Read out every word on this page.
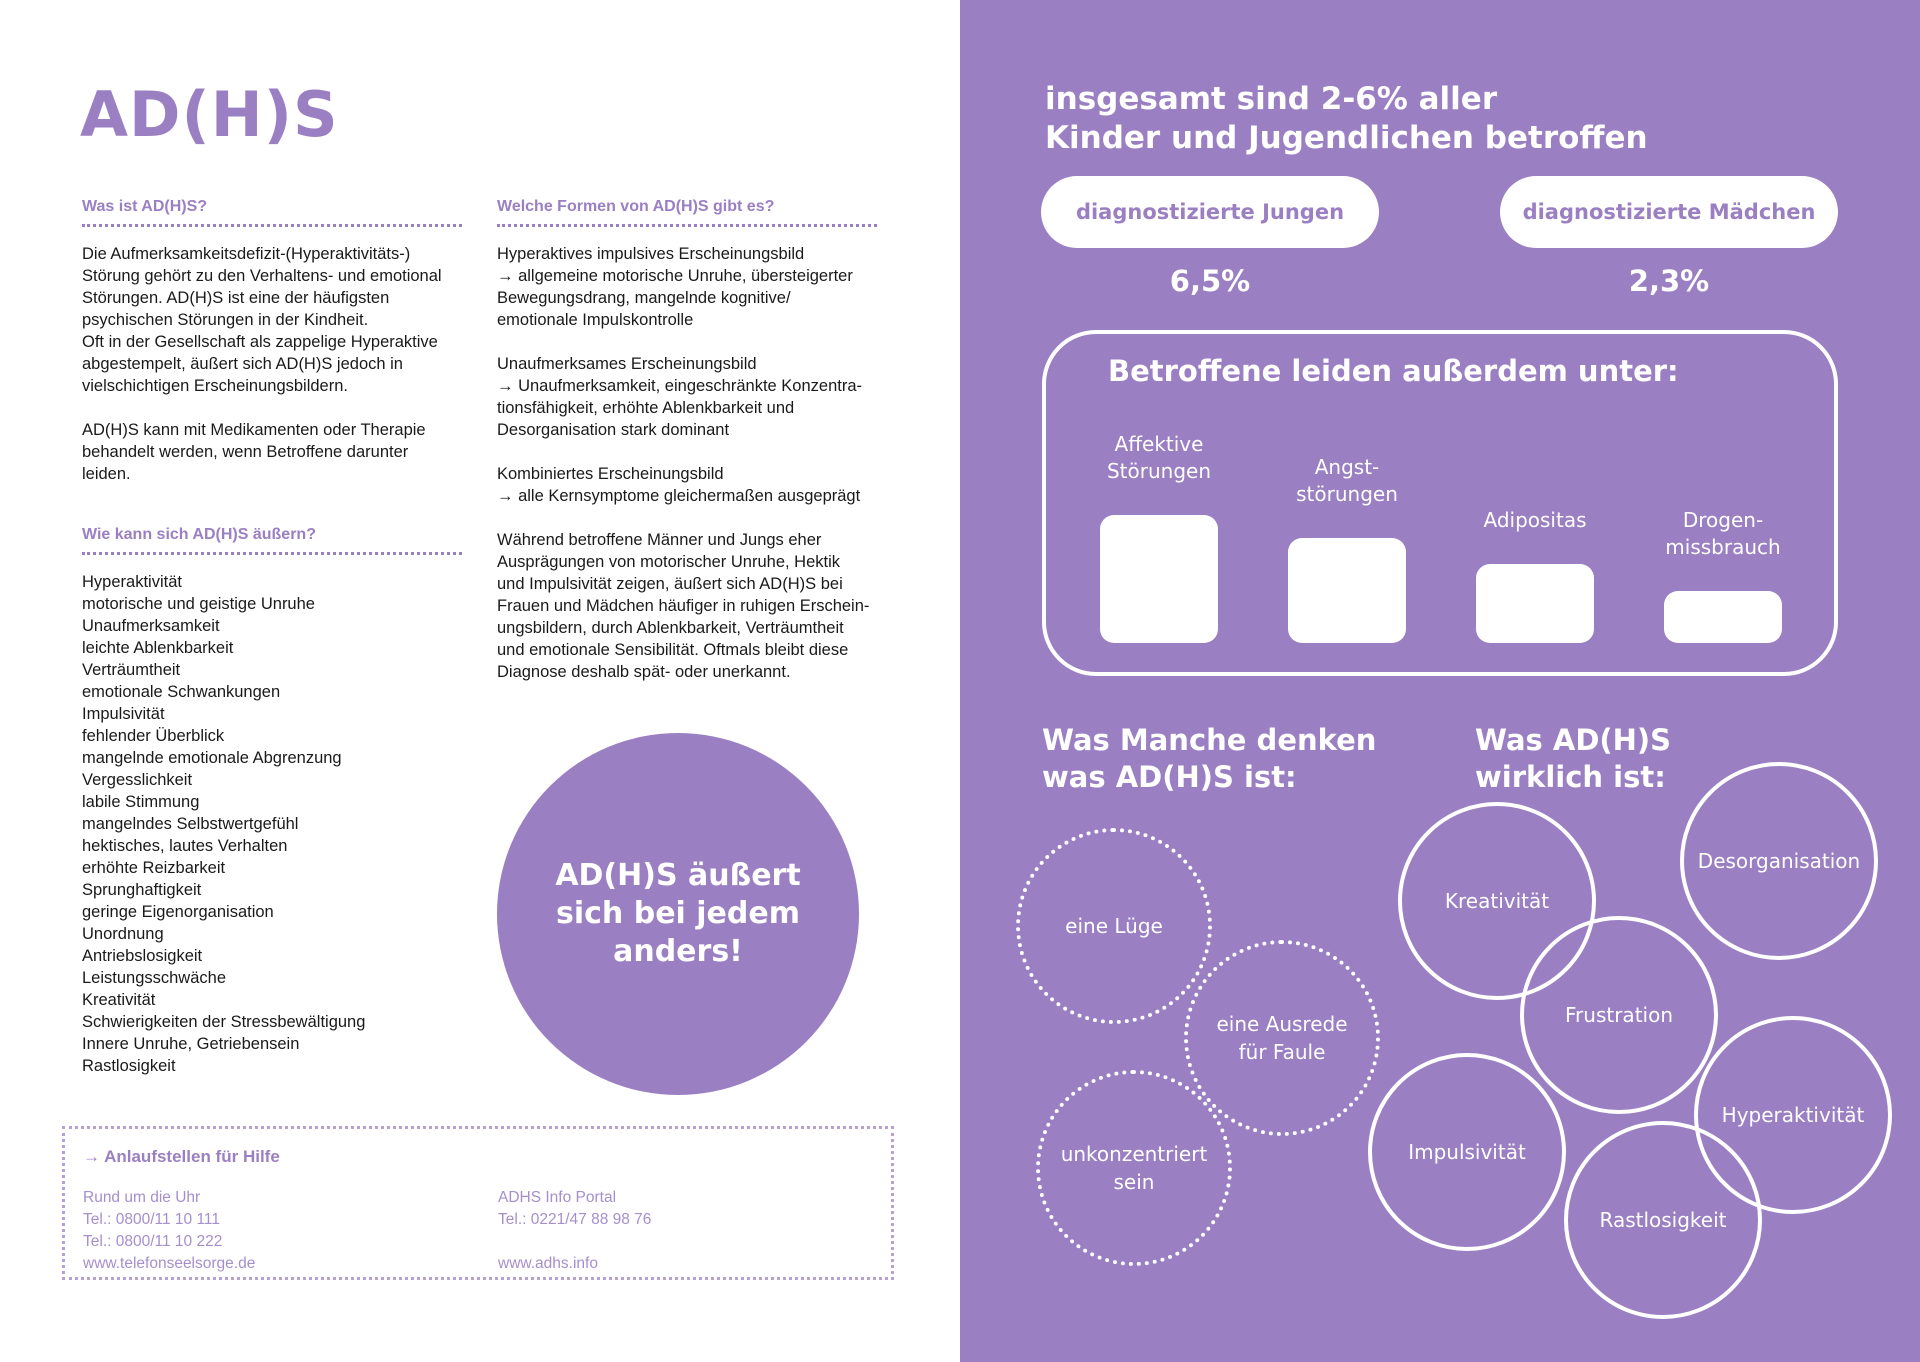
AD(H)S
Was ist AD(H)S?
Die Aufmerksamkeitsdefizit-(Hyperaktivitäts-)
Störung gehört zu den Verhaltens- und emotional
Störungen. AD(H)S ist eine der häufigsten
psychischen Störungen in der Kindheit.
Oft in der Gesellschaft als zappelige Hyperaktive
abgestempelt, äußert sich AD(H)S jedoch in
vielschichtigen Erscheinungsbildern.
AD(H)S kann mit Medikamenten oder Therapie
behandelt werden, wenn Betroffene darunter
leiden.
Wie kann sich AD(H)S äußern?
Hyperaktivität
motorische und geistige Unruhe
Unaufmerksamkeit
leichte Ablenkbarkeit
Verträumtheit
emotionale Schwankungen
Impulsivität
fehlender Überblick
mangelnde emotionale Abgrenzung
Vergesslichkeit
labile Stimmung
mangelndes Selbstwertgefühl
hektisches, lautes Verhalten
erhöhte Reizbarkeit
Sprunghaftigkeit
geringe Eigenorganisation
Unordnung
Antriebslosigkeit
Leistungsschwäche
Kreativität
Schwierigkeiten der Stressbewältigung
Innere Unruhe, Getriebensein
Rastlosigkeit
Welche Formen von AD(H)S gibt es?
Hyperaktives impulsives Erscheinungsbild
→ allgemeine motorische Unruhe, übersteigerter
Bewegungsdrang, mangelnde kognitive/
emotionale Impulskontrolle
Unaufmerksames Erscheinungsbild
→ Unaufmerksamkeit, eingeschränkte Konzentra-
tionsfähigkeit, erhöhte Ablenkbarkeit und
Desorganisation stark dominant
Kombiniertes Erscheinungsbild
→ alle Kernsymptome gleichermaßen ausgeprägt
Während betroffene Männer und Jungs eher
Ausprägungen von motorischer Unruhe, Hektik
und Impulsivität zeigen, äußert sich AD(H)S bei
Frauen und Mädchen häufiger in ruhigen Erschein-
ungsbildern, durch Ablenkbarkeit, Verträumtheit
und emotionale Sensibilität. Oftmals bleibt diese
Diagnose deshalb spät- oder unerkannt.
AD(H)S äußert
sich bei jedem
anders!
→ Anlaufstellen für Hilfe
Rund um die Uhr
Tel.: 0800/11 10 111
Tel.: 0800/11 10 222
www.telefonseelsorge.de
ADHS Info Portal
Tel.: 0221/47 88 98 76
www.adhs.info
insgesamt sind 2-6% aller
Kinder und Jugendlichen betroffen
diagnostizierte Jungen
6,5%
diagnostizierte Mädchen
2,3%
Betroffene leiden außerdem unter:
Affektive
Störungen	Angst-
störungen
Adipositas	Drogen-
missbrauch
Was Manche denken
was AD(H)S ist:
Was AD(H)S
wirklich ist:
eine Lüge
eine Ausrede
für Faule
unkonzentriert
sein
Kreativität
Desorganisation
Frustration
Hyperaktivität
Impulsivität
Rastlosigkeit
